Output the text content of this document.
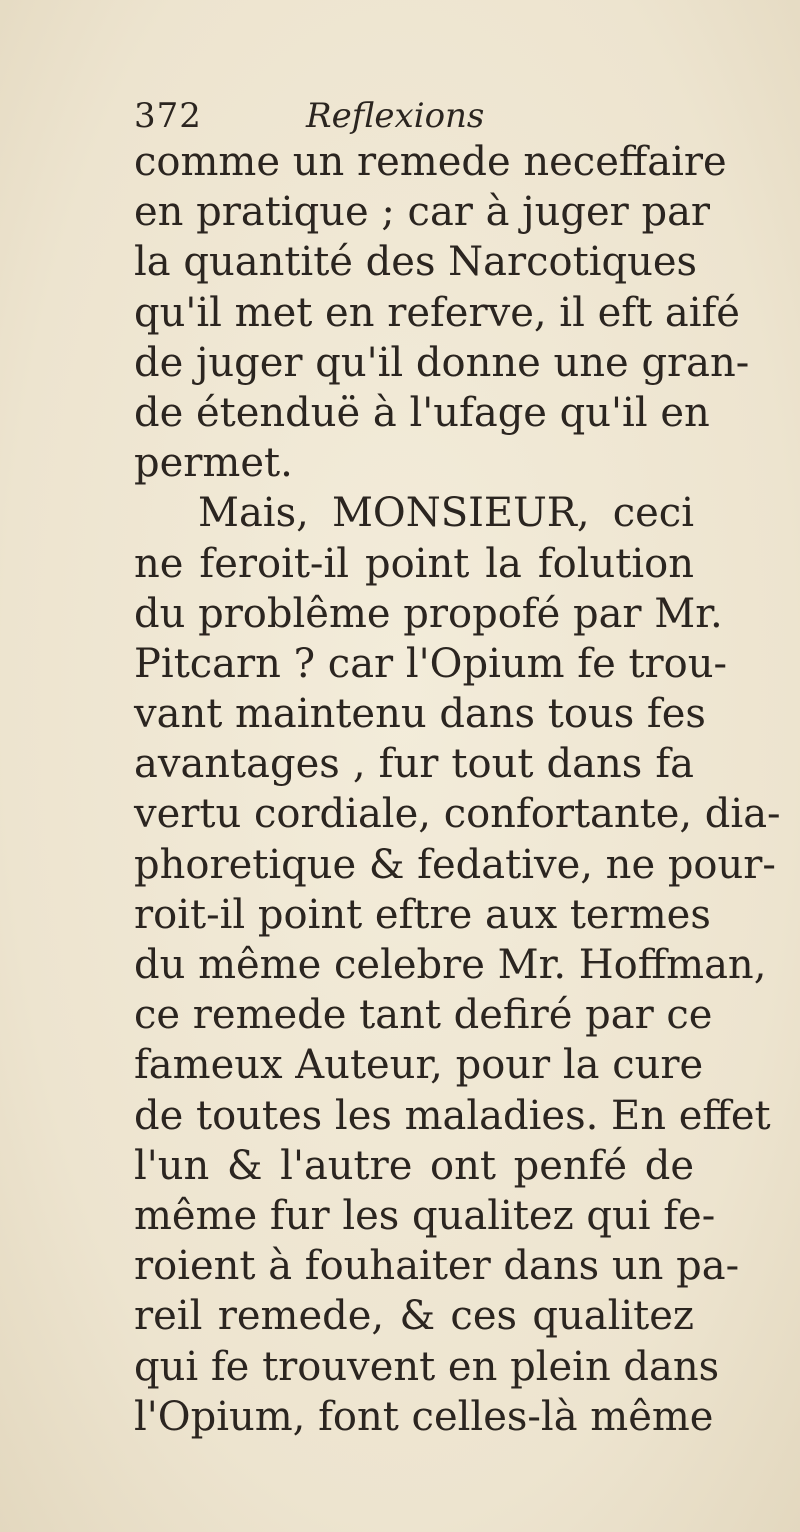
372	Reflexions
comme un remede neceffaire
en pratique ; car à juger par
la quantité des Narcotiques
qu'il met en referve, il eft aifé
de juger qu'il donne une gran-
de étenduë à l'ufage qu'il en
permet.
Mais, MONSIEUR, ceci
ne feroit-il point la folution
du problême propofé par Mr.
Pitcarn ? car l'Opium fe trou-
vant maintenu dans tous fes
avantages , fur tout dans fa
vertu cordiale, confortante, dia-
phoretique & fedative, ne pour-
roit-il point eftre aux termes
du même celebre Mr. Hoffman,
ce remede tant defiré par ce
fameux Auteur, pour la cure
de toutes les maladies. En effet
l'un & l'autre ont penfé de
même fur les qualitez qui fe-
roient à fouhaiter dans un pa-
reil remede, & ces qualitez
qui fe trouvent en plein dans
l'Opium, font celles-là même
